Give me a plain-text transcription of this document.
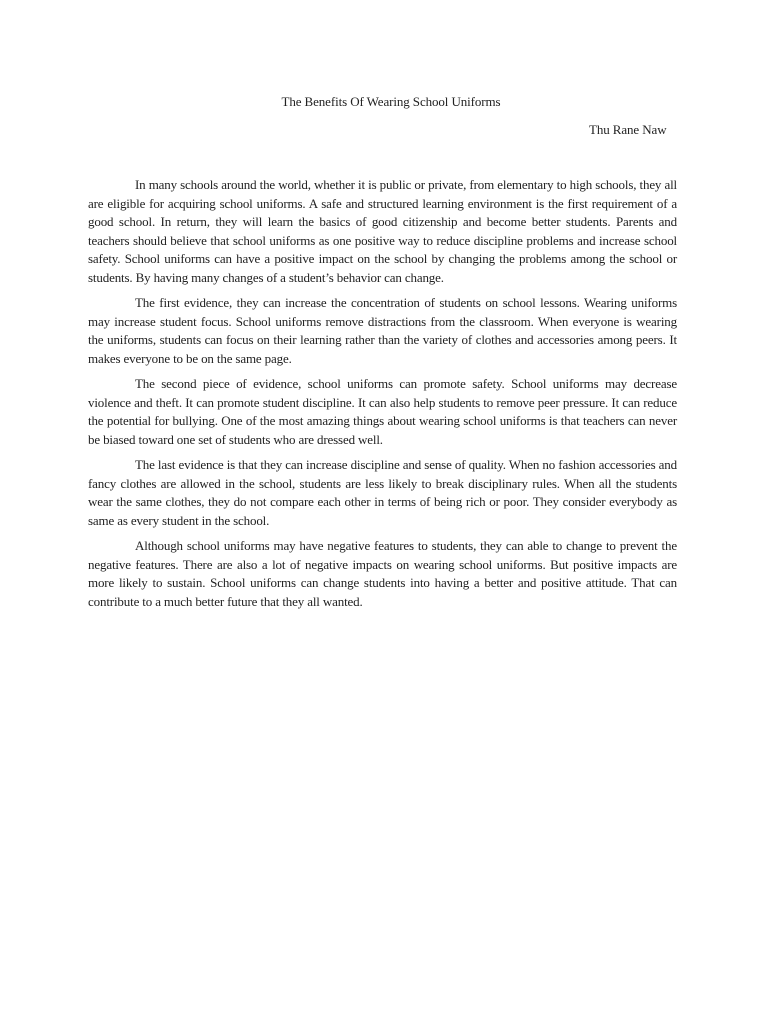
The Benefits Of Wearing School Uniforms
Thu Rane Naw

In many schools around the world, whether it is public or private, from elementary to high schools, they all are eligible for acquiring school uniforms. A safe and structured learning environment is the first requirement of a good school. In return, they will learn the basics of good citizenship and become better students. Parents and teachers should believe that school uniforms as one positive way to reduce discipline problems and increase school safety. School uniforms can have a positive impact on the school by changing the problems among the school or students. By having many changes of a student’s behavior can change.

The first evidence, they can increase the concentration of students on school lessons. Wearing uniforms may increase student focus. School uniforms remove distractions from the classroom. When everyone is wearing the uniforms, students can focus on their learning rather than the variety of clothes and accessories among peers. It makes everyone to be on the same page.

The second piece of evidence, school uniforms can promote safety. School uniforms may decrease violence and theft. It can promote student discipline. It can also help students to remove peer pressure. It can reduce the potential for bullying. One of the most amazing things about wearing school uniforms is that teachers can never be biased toward one set of students who are dressed well.

The last evidence is that they can increase discipline and sense of quality. When no fashion accessories and fancy clothes are allowed in the school, students are less likely to break disciplinary rules. When all the students wear the same clothes, they do not compare each other in terms of being rich or poor. They consider everybody as same as every student in the school.

Although school uniforms may have negative features to students, they can able to change to prevent the negative features. There are also a lot of negative impacts on wearing school uniforms. But positive impacts are more likely to sustain. School uniforms can change students into having a better and positive attitude. That can contribute to a much better future that they all wanted.
